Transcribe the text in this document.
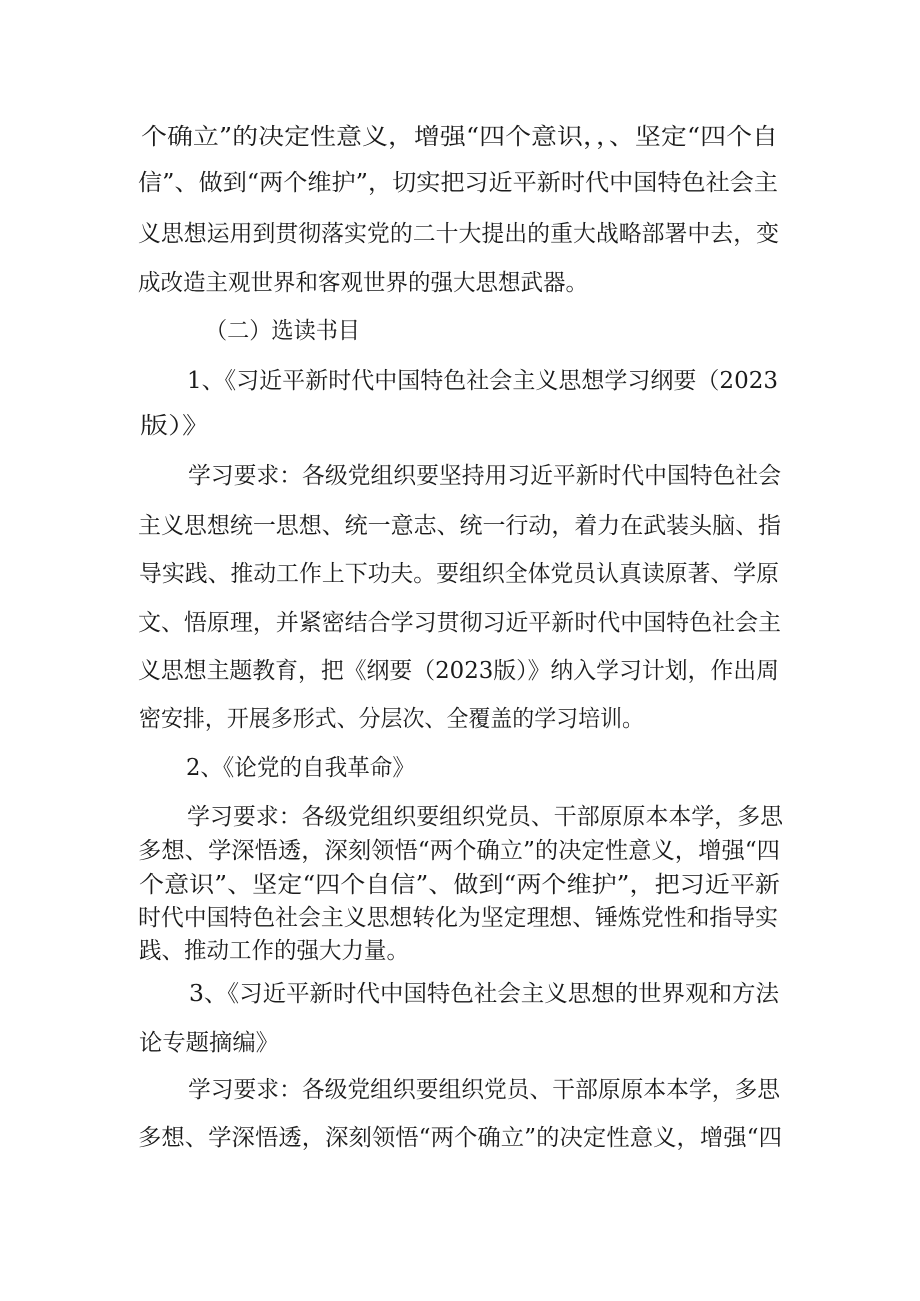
个确立”的决定性意义，增强“四个意识，，、坚定“四个自
信”、做到“两个维护”，切实把习近平新时代中国特色社会主
义思想运用到贯彻落实党的二十大提出的重大战略部署中去，变
成改造主观世界和客观世界的强大思想武器。
（二）选读书目
1、《习近平新时代中国特色社会主义思想学习纲要（2023
版）》
学习要求：各级党组织要坚持用习近平新时代中国特色社会
主义思想统一思想、统一意志、统一行动，着力在武装头脑、指
导实践、推动工作上下功夫。要组织全体党员认真读原著、学原
文、悟原理，并紧密结合学习贯彻习近平新时代中国特色社会主
义思想主题教育，把《纲要（2023版）》纳入学习计划，作出周
密安排，开展多形式、分层次、全覆盖的学习培训。
2、《论党的自我革命》
学习要求：各级党组织要组织党员、干部原原本本学，多思
多想、学深悟透，深刻领悟“两个确立”的决定性意义，增强“四
个意识”、坚定“四个自信”、做到“两个维护”，把习近平新
时代中国特色社会主义思想转化为坚定理想、锤炼党性和指导实
践、推动工作的强大力量。
3、《习近平新时代中国特色社会主义思想的世界观和方法
论专题摘编》
学习要求：各级党组织要组织党员、干部原原本本学，多思
多想、学深悟透，深刻领悟“两个确立”的决定性意义，增强“四
